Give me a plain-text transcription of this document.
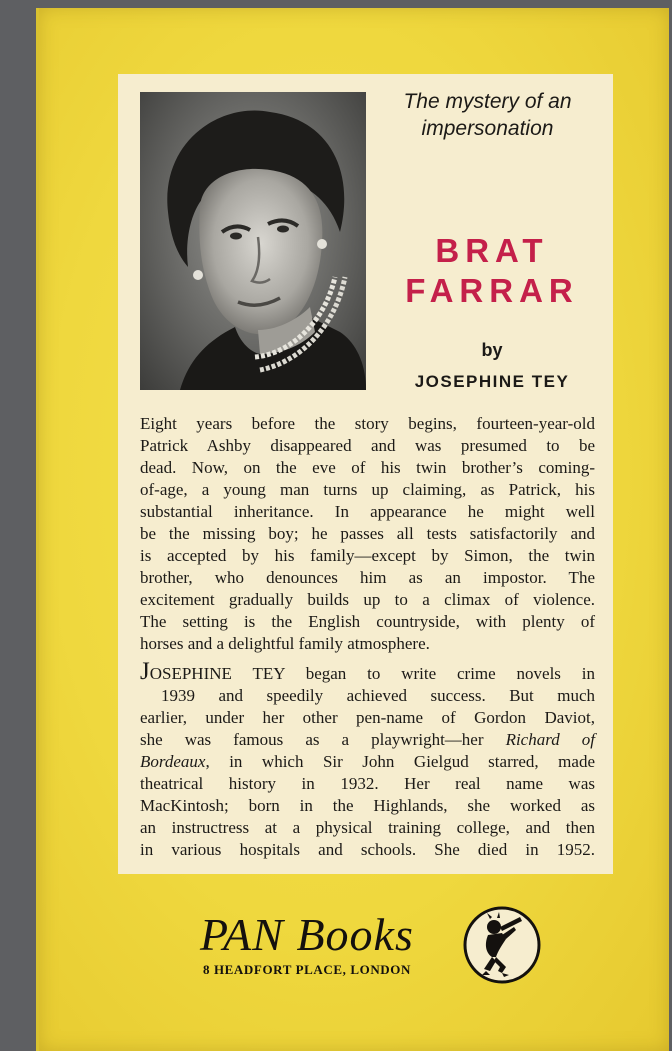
The mystery of an
impersonation
BRAT
FARRAR
by
JOSEPHINE TEY
Eight years before the story begins, fourteen-year-old
Patrick Ashby disappeared and was presumed to be
dead. Now, on the eve of his twin brother’s coming-
of-age, a young man turns up claiming, as Patrick, his
substantial inheritance. In appearance he might well
be the missing boy; he passes all tests satisfactorily and
is accepted by his family—except by Simon, the twin
brother, who denounces him as an impostor. The
excitement gradually builds up to a climax of violence.
The setting is the English countryside, with plenty of
horses and a delightful family atmosphere.
JOSEPHINE TEY began to write crime novels in
1939 and speedily achieved success. But much
earlier, under her other pen-name of Gordon Daviot,
she was famous as a playwright—her Richard of
Bordeaux, in which Sir John Gielgud starred, made
theatrical history in 1932. Her real name was
MacKintosh; born in the Highlands, she worked as
an instructress at a physical training college, and then
in various hospitals and schools. She died in 1952.
PAN Books
8 HEADFORT PLACE, LONDON
